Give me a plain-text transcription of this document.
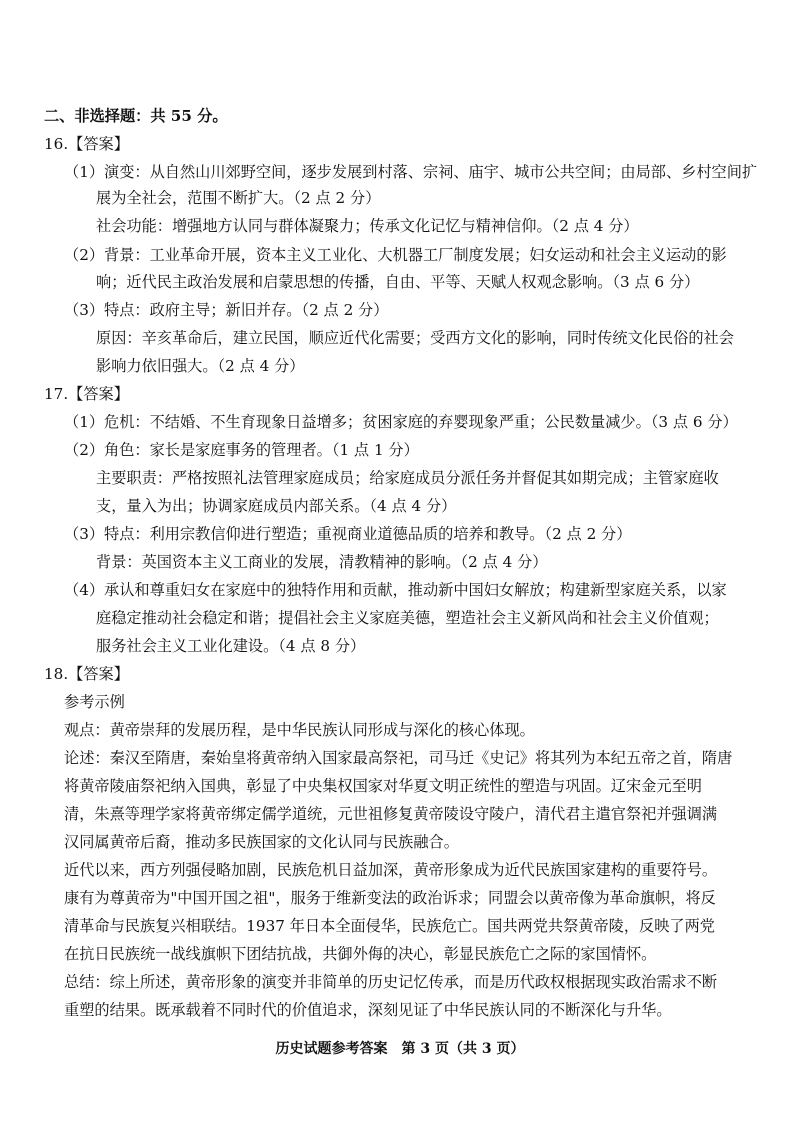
二、非选择题：共 55 分。
16.【答案】
（1）演变：从自然山川郊野空间，逐步发展到村落、宗祠、庙宇、城市公共空间；由局部、乡村空间扩
展为全社会，范围不断扩大。（2 点 2 分）
社会功能：增强地方认同与群体凝聚力；传承文化记忆与精神信仰。（2 点 4 分）
（2）背景：工业革命开展，资本主义工业化、大机器工厂制度发展；妇女运动和社会主义运动的影
响；近代民主政治发展和启蒙思想的传播，自由、平等、天赋人权观念影响。（3 点 6 分）
（3）特点：政府主导；新旧并存。（2 点 2 分）
原因：辛亥革命后，建立民国，顺应近代化需要；受西方文化的影响，同时传统文化民俗的社会
影响力依旧强大。（2 点 4 分）
17.【答案】
（1）危机：不结婚、不生育现象日益增多；贫困家庭的弃婴现象严重；公民数量减少。（3 点 6 分）
（2）角色：家长是家庭事务的管理者。（1 点 1 分）
主要职责：严格按照礼法管理家庭成员；给家庭成员分派任务并督促其如期完成；主管家庭收
支，量入为出；协调家庭成员内部关系。（4 点 4 分）
（3）特点：利用宗教信仰进行塑造；重视商业道德品质的培养和教导。（2 点 2 分）
背景：英国资本主义工商业的发展，清教精神的影响。（2 点 4 分）
（4）承认和尊重妇女在家庭中的独特作用和贡献，推动新中国妇女解放；构建新型家庭关系，以家
庭稳定推动社会稳定和谐；提倡社会主义家庭美德，塑造社会主义新风尚和社会主义价值观；
服务社会主义工业化建设。（4 点 8 分）
18.【答案】
参考示例
观点：黄帝崇拜的发展历程，是中华民族认同形成与深化的核心体现。
论述：秦汉至隋唐，秦始皇将黄帝纳入国家最高祭祀，司马迁《史记》将其列为本纪五帝之首，隋唐
将黄帝陵庙祭祀纳入国典，彰显了中央集权国家对华夏文明正统性的塑造与巩固。辽宋金元至明
清，朱熹等理学家将黄帝绑定儒学道统，元世祖修复黄帝陵设守陵户，清代君主遣官祭祀并强调满
汉同属黄帝后裔，推动多民族国家的文化认同与民族融合。
近代以来，西方列强侵略加剧，民族危机日益加深，黄帝形象成为近代民族国家建构的重要符号。
康有为尊黄帝为"中国开国之祖"，服务于维新变法的政治诉求；同盟会以黄帝像为革命旗帜，将反
清革命与民族复兴相联结。1937 年日本全面侵华，民族危亡。国共两党共祭黄帝陵，反映了两党
在抗日民族统一战线旗帜下团结抗战，共御外侮的决心，彰显民族危亡之际的家国情怀。
总结：综上所述，黄帝形象的演变并非简单的历史记忆传承，而是历代政权根据现实政治需求不断
重塑的结果。既承载着不同时代的价值追求，深刻见证了中华民族认同的不断深化与升华。
历史试题参考答案　第 3 页（共 3 页）
